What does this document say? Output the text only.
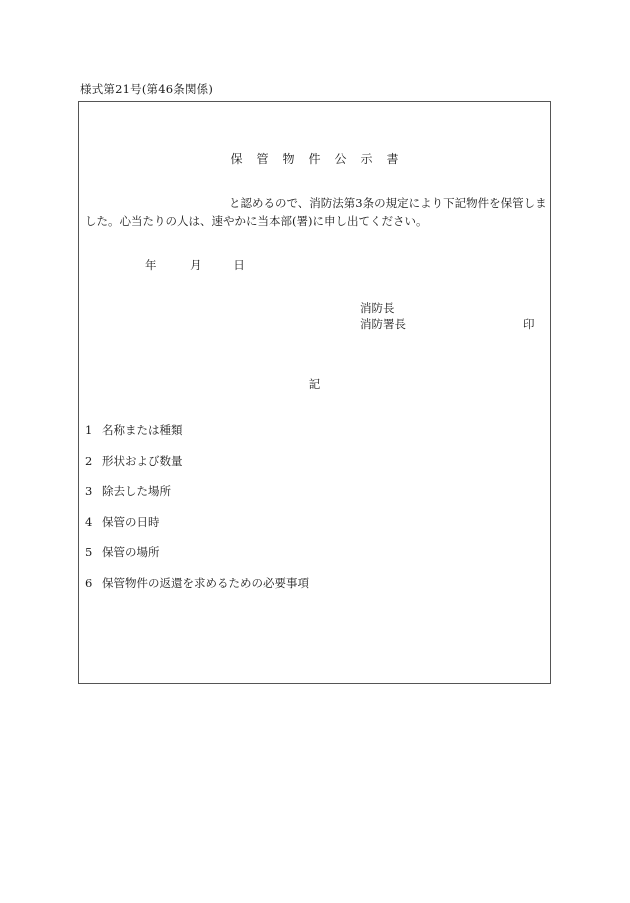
様式第21号(第46条関係)
保管物件公示書
と認めるので、消防法第3条の規定により下記物件を保管しま
した。心当たりの人は、速やかに当本部(署)に申し出てください。
年	月	日
消防長
消防署長	印
記
1 名称または種類
2 形状および数量
3 除去した場所
4 保管の日時
5 保管の場所
6 保管物件の返還を求めるための必要事項
